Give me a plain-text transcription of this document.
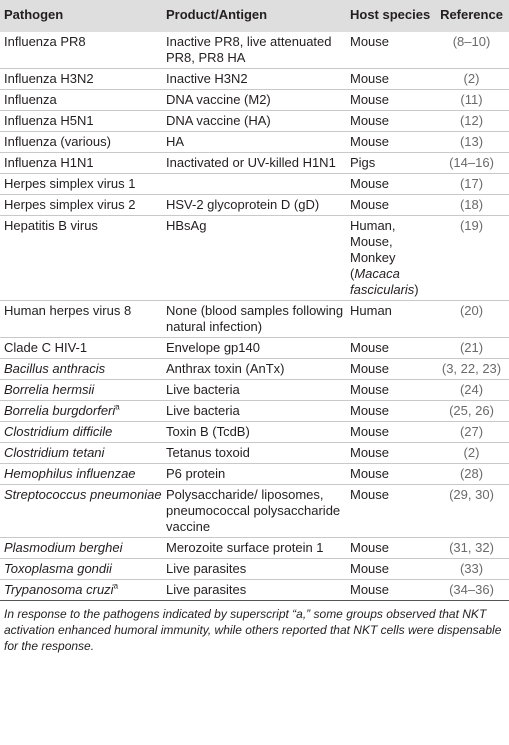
Pathogen	Product/Antigen	Host species	Reference
Influenza PR8	Inactive PR8, live attenuated PR8, PR8 HA	Mouse	(8–10)
Influenza H3N2	Inactive H3N2	Mouse	(2)
Influenza	DNA vaccine (M2)	Mouse	(11)
Influenza H5N1	DNA vaccine (HA)	Mouse	(12)
Influenza (various)	HA	Mouse	(13)
Influenza H1N1	Inactivated or UV-killed H1N1	Pigs	(14–16)
Herpes simplex virus 1		Mouse	(17)
Herpes simplex virus 2	HSV-2 glycoprotein D (gD)	Mouse	(18)
Hepatitis B virus	HBsAg	Human, Mouse, Monkey (Macaca fascicularis)	(19)
Human herpes virus 8	None (blood samples following natural infection)	Human	(20)
Clade C HIV-1	Envelope gp140	Mouse	(21)
Bacillus anthracis	Anthrax toxin (AnTx)	Mouse	(3, 22, 23)
Borrelia hermsii	Live bacteria	Mouse	(24)
Borrelia burgdorferi$^a$	Live bacteria	Mouse	(25, 26)
Clostridium difficile	Toxin B (TcdB)	Mouse	(27)
Clostridium tetani	Tetanus toxoid	Mouse	(2)
Hemophilus influenzae	P6 protein	Mouse	(28)
Streptococcus pneumoniae	Polysaccharide/ liposomes, pneumococcal polysaccharide vaccine	Mouse	(29, 30)
Plasmodium berghei	Merozoite surface protein 1	Mouse	(31, 32)
Toxoplasma gondii	Live parasites	Mouse	(33)
Trypanosoma cruzi$^a$	Live parasites	Mouse	(34–36)
In response to the pathogens indicated by superscript “a,” some groups observed that NKT activation enhanced humoral immunity, while others reported that NKT cells were dispensable for the response.
